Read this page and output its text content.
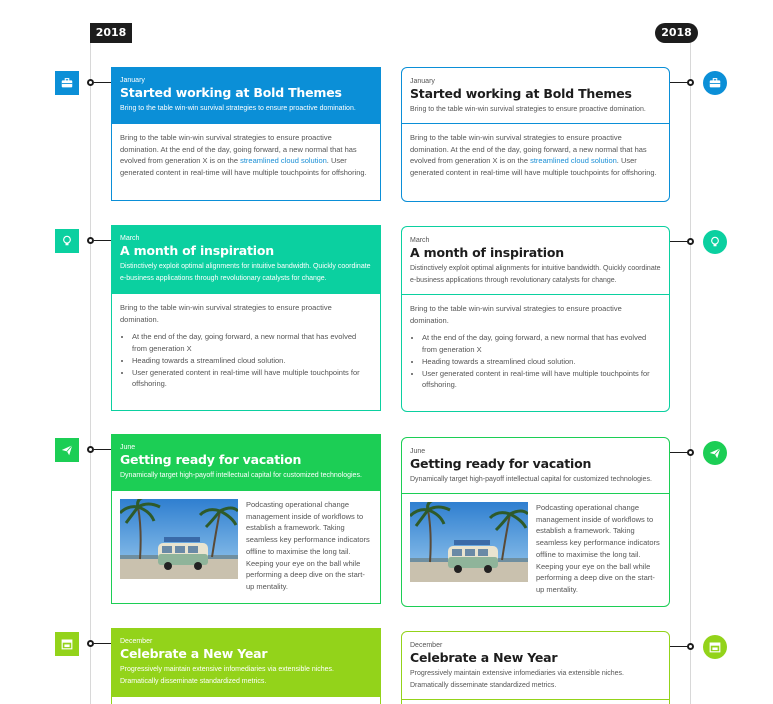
2018	2018
January
Started working at Bold Themes
Bring to the table win-win survival strategies to ensure proactive domination.

Bring to the table win-win survival strategies to ensure proactive domination. At the end of the day, going forward, a new normal that has evolved from generation X is on the streamlined cloud solution. User generated content in real-time will have multiple touchpoints for offshoring.

January
Started working at Bold Themes
Bring to the table win-win survival strategies to ensure proactive domination.

Bring to the table win-win survival strategies to ensure proactive domination. At the end of the day, going forward, a new normal that has evolved from generation X is on the streamlined cloud solution. User generated content in real-time will have multiple touchpoints for offshoring.

March
A month of inspiration
Distinctively exploit optimal alignments for intuitive bandwidth. Quickly coordinate e-business applications through revolutionary catalysts for change.

Bring to the table win-win survival strategies to ensure proactive domination.

• At the end of the day, going forward, a new normal that has evolved from generation X
• Heading towards a streamlined cloud solution.
• User generated content in real-time will have multiple touchpoints for offshoring.
March
A month of inspiration
Distinctively exploit optimal alignments for intuitive bandwidth. Quickly coordinate e-business applications through revolutionary catalysts for change.

Bring to the table win-win survival strategies to ensure proactive domination.

• At the end of the day, going forward, a new normal that has evolved from generation X
• Heading towards a streamlined cloud solution.
• User generated content in real-time will have multiple touchpoints for offshoring.
June
Getting ready for vacation
Dynamically target high-payoff intellectual capital for customized technologies.
Podcasting operational change management inside of workflows to establish a framework. Taking seamless key performance indicators offline to maximise the long tail. Keeping your eye on the ball while performing a deep dive on the start-up mentality.
June
Getting ready for vacation
Dynamically target high-payoff intellectual capital for customized technologies.
Podcasting operational change management inside of workflows to establish a framework. Taking seamless key performance indicators offline to maximise the long tail. Keeping your eye on the ball while performing a deep dive on the start-up mentality.
December
Celebrate a New Year
Progressively maintain extensive infomediaries via extensible niches. Dramatically disseminate standardized metrics.
December
Celebrate a New Year
Progressively maintain extensive infomediaries via extensible niches. Dramatically disseminate standardized metrics.
